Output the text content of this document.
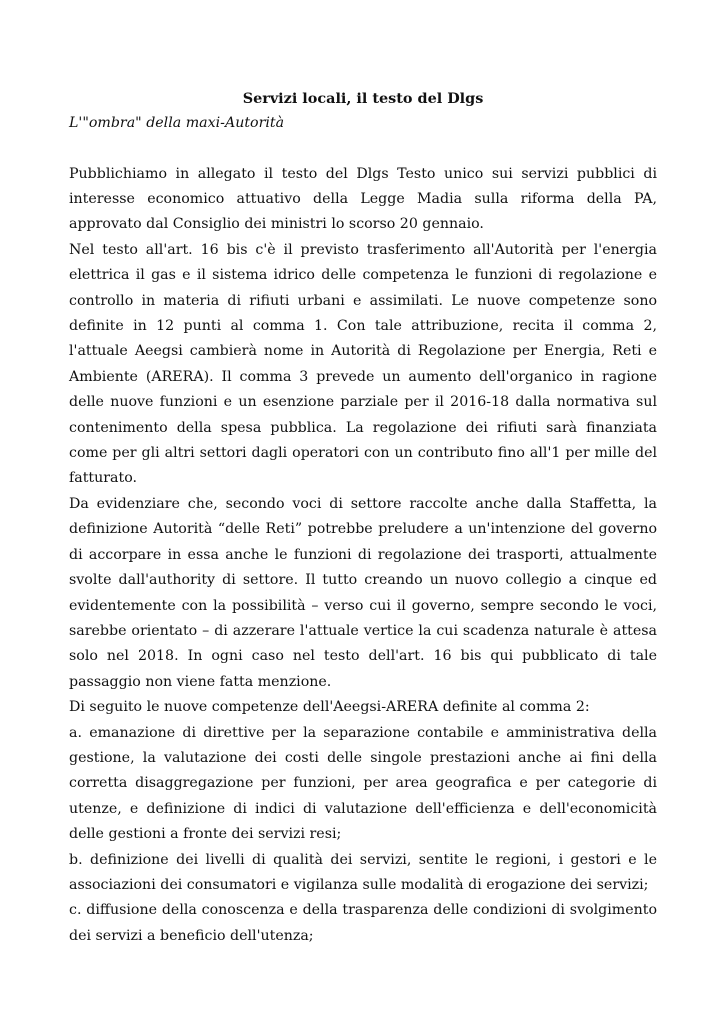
Servizi locali, il testo del Dlgs

L'"ombra" della maxi-Autorità

Pubblichiamo in allegato il testo del Dlgs Testo unico sui servizi pubblici di interesse economico attuativo della Legge Madia sulla riforma della PA, approvato dal Consiglio dei ministri lo scorso 20 gennaio.

Nel testo all'art. 16 bis c'è il previsto trasferimento all'Autorità per l'energia elettrica il gas e il sistema idrico delle competenza le funzioni di regolazione e controllo in materia di rifiuti urbani e assimilati. Le nuove competenze sono definite in 12 punti al comma 1. Con tale attribuzione, recita il comma 2, l'attuale Aeegsi cambierà nome in Autorità di Regolazione per Energia, Reti e Ambiente (ARERA). Il comma 3 prevede un aumento dell'organico in ragione delle nuove funzioni e un esenzione parziale per il 2016-18 dalla normativa sul contenimento della spesa pubblica. La regolazione dei rifiuti sarà finanziata come per gli altri settori dagli operatori con un contributo fino all'1 per mille del fatturato.

Da evidenziare che, secondo voci di settore raccolte anche dalla Staffetta, la definizione Autorità “delle Reti” potrebbe preludere a un'intenzione del governo di accorpare in essa anche le funzioni di regolazione dei trasporti, attualmente svolte dall'authority di settore. Il tutto creando un nuovo collegio a cinque ed evidentemente con la possibilità – verso cui il governo, sempre secondo le voci, sarebbe orientato – di azzerare l'attuale vertice la cui scadenza naturale è attesa solo nel 2018. In ogni caso nel testo dell'art. 16 bis qui pubblicato di tale passaggio non viene fatta menzione.

Di seguito le nuove competenze dell'Aeegsi-ARERA definite al comma 2:

a. emanazione di direttive per la separazione contabile e amministrativa della gestione, la valutazione dei costi delle singole prestazioni anche ai fini della corretta disaggregazione per funzioni, per area geografica e per categorie di utenze, e definizione di indici di valutazione dell'efficienza e dell'economicità delle gestioni a fronte dei servizi resi;

b. definizione dei livelli di qualità dei servizi, sentite le regioni, i gestori e le associazioni dei consumatori e vigilanza sulle modalità di erogazione dei servizi;

c. diffusione della conoscenza e della trasparenza delle condizioni di svolgimento dei servizi a beneficio dell'utenza;
